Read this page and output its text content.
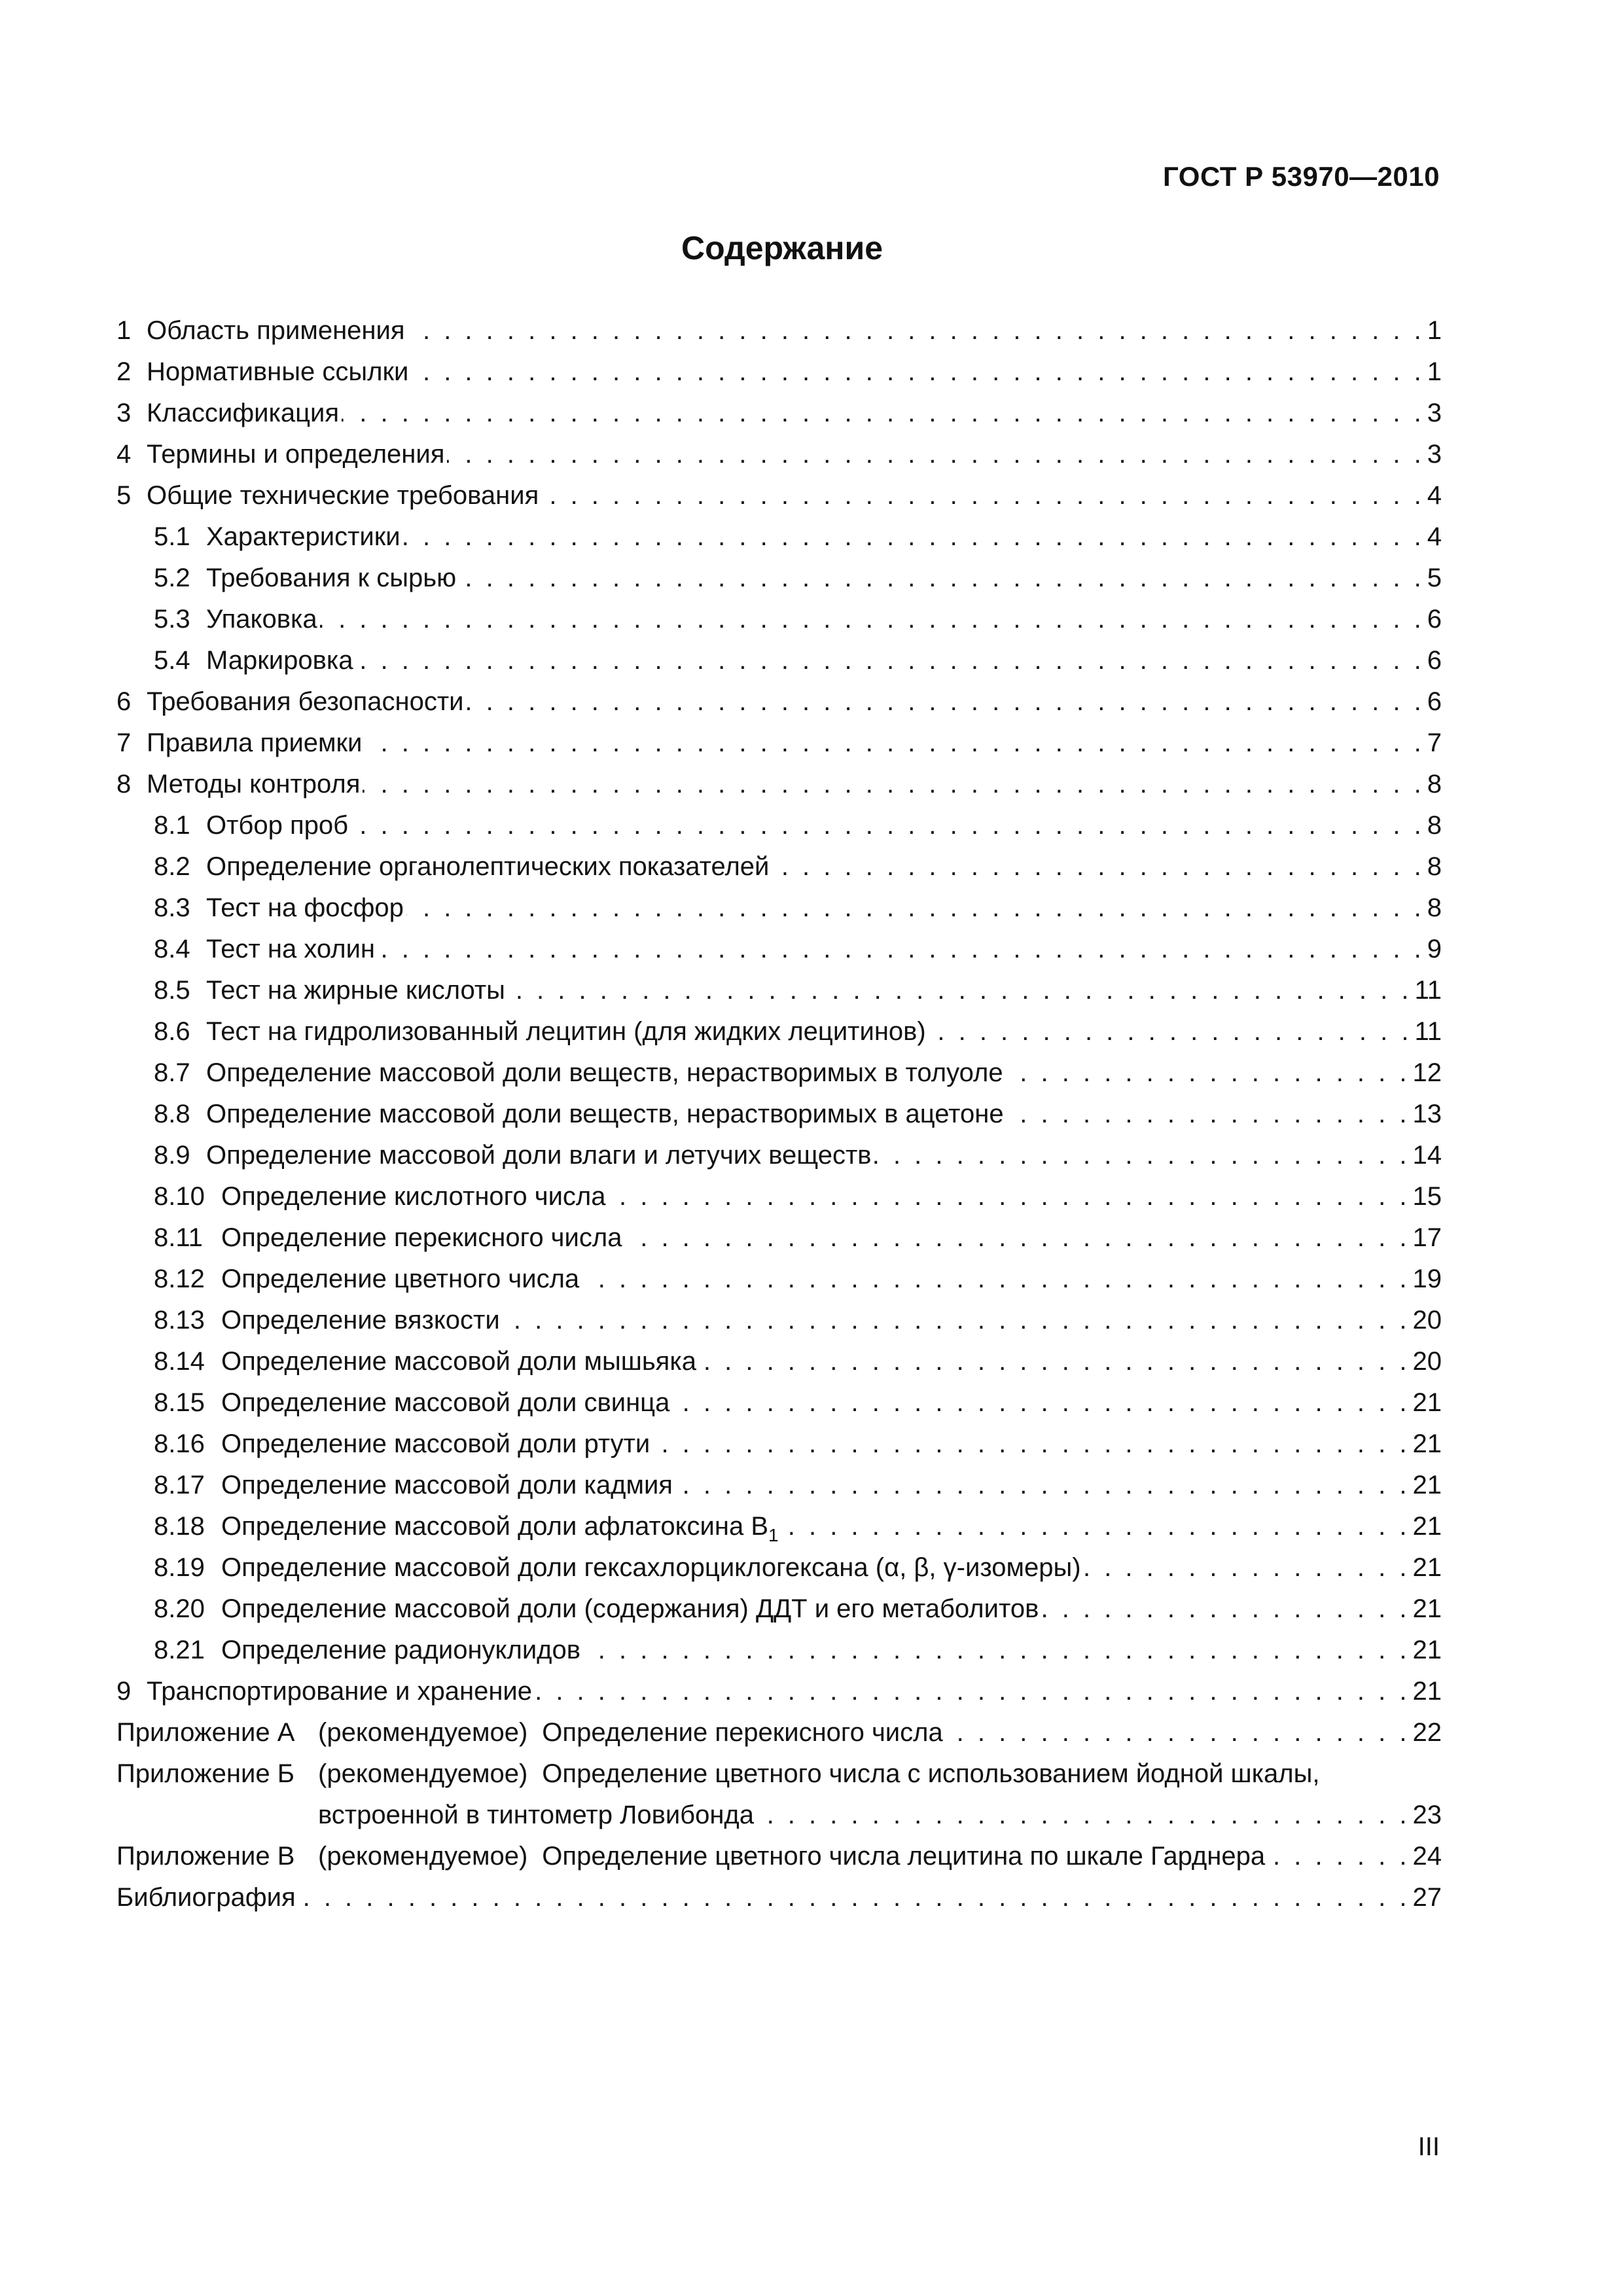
ГОСТ Р 53970—2010
Содержание
1 Область применения . . .	1
2 Нормативные ссылки . . .	1
3 Классификация . . .	3
4 Термины и определения . . .	3
5 Общие технические требования . . .	4
5.1 Характеристики . . .	4
5.2 Требования к сырью . . .	5
5.3 Упаковка . . .	6
5.4 Маркировка . . .	6
6 Требования безопасности . . .	6
7 Правила приемки . . .	7
8 Методы контроля . . .	8
8.1 Отбор проб . . .	8
8.2 Определение органолептических показателей . . .	8
8.3 Тест на фосфор . . .	8
8.4 Тест на холин . . .	9
8.5 Тест на жирные кислоты . . .	11
8.6 Тест на гидролизованный лецитин (для жидких лецитинов) . . .	11
8.7 Определение массовой доли веществ, нерастворимых в толуоле . . .	12
8.8 Определение массовой доли веществ, нерастворимых в ацетоне . . .	13
8.9 Определение массовой доли влаги и летучих веществ . . .	14
8.10 Определение кислотного числа . . .	15
8.11 Определение перекисного числа . . .	17
8.12 Определение цветного числа . . .	19
8.13 Определение вязкости . . .	20
8.14 Определение массовой доли мышьяка . . .	20
8.15 Определение массовой доли свинца . . .	21
8.16 Определение массовой доли ртути . . .	21
8.17 Определение массовой доли кадмия . . .	21
8.18 Определение массовой доли афлатоксина $B_1$ . . .	21
8.19 Определение массовой доли гексахлорциклогексана (α, β, γ-изомеры) . . .	21
8.20 Определение массовой доли (содержания) ДДТ и его метаболитов . . .	21
8.21 Определение радионуклидов . . .	21
9 Транспортирование и хранение . . .	21
Приложение А (рекомендуемое) Определение перекисного числа . . .	22
Приложение Б (рекомендуемое) Определение цветного числа с использованием йодной шкалы,
встроенной в тинтометр Ловибонда . . .	23
Приложение В (рекомендуемое) Определение цветного числа лецитина по шкале Гарднера . . .	24
Библиография . . .	27
III
